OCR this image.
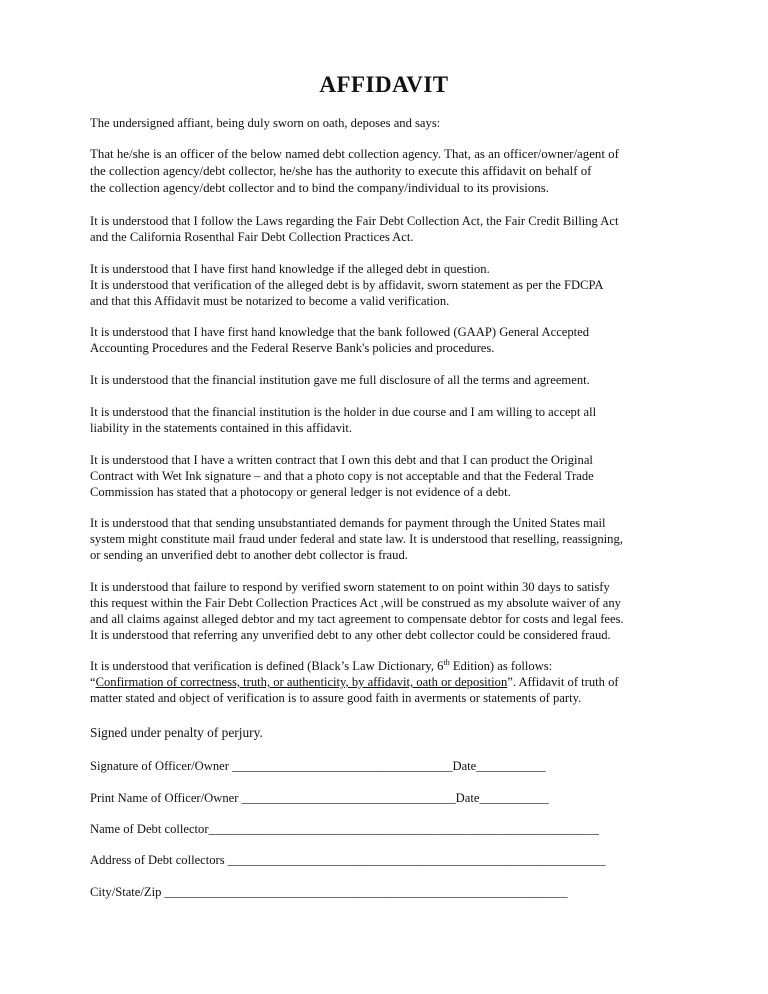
AFFIDAVIT
The undersigned affiant, being duly sworn on oath, deposes and says:
That he/she is an officer of the below named debt collection agency. That, as an officer/owner/agent of
the collection agency/debt collector, he/she has the authority to execute this affidavit on behalf of
the collection agency/debt collector and to bind the company/individual to its provisions.
It is understood that I follow the Laws regarding the Fair Debt Collection Act, the Fair Credit Billing Act
and the California Rosenthal Fair Debt Collection Practices Act.
It is understood that I have first hand knowledge if the alleged debt in question.
It is understood that verification of the alleged debt is by affidavit, sworn statement as per the FDCPA
and that this Affidavit must be notarized to become a valid verification.
It is understood that I have first hand knowledge that the bank followed (GAAP) General Accepted
Accounting Procedures and the Federal Reserve Bank's policies and procedures.
It is understood that the financial institution gave me full disclosure of all the terms and agreement.
It is understood that the financial institution is the holder in due course and I am willing to accept all
liability in the statements contained in this affidavit.
It is understood that I have a written contract that I own this debt and that I can product the Original
Contract with Wet Ink signature – and that a photo copy is not acceptable and that the Federal Trade
Commission has stated that a photocopy or general ledger is not evidence of a debt.
It is understood that that sending unsubstantiated demands for payment through the United States mail
system might constitute mail fraud under federal and state law. It is understood that reselling, reassigning,
or sending an unverified debt to another debt collector is fraud.
It is understood that failure to respond by verified sworn statement to on point within 30 days to satisfy
this request within the Fair Debt Collection Practices Act ,will be construed as my absolute waiver of any
and all claims against alleged debtor and my tact agreement to compensate debtor for costs and legal fees.
It is understood that referring any unverified debt to any other debt collector could be considered fraud.
It is understood that verification is defined (Black’s Law Dictionary, 6th Edition) as follows:
“Confirmation of correctness, truth, or authenticity, by affidavit, oath or deposition”. Affidavit of truth of
matter stated and object of verification is to assure good faith in averments or statements of party.
Signed under penalty of perjury.
Signature of Officer/Owner ___________________________________Date___________
Print Name of Officer/Owner __________________________________Date___________
Name of Debt collector______________________________________________________________
Address of Debt collectors ____________________________________________________________
City/State/Zip ________________________________________________________________
